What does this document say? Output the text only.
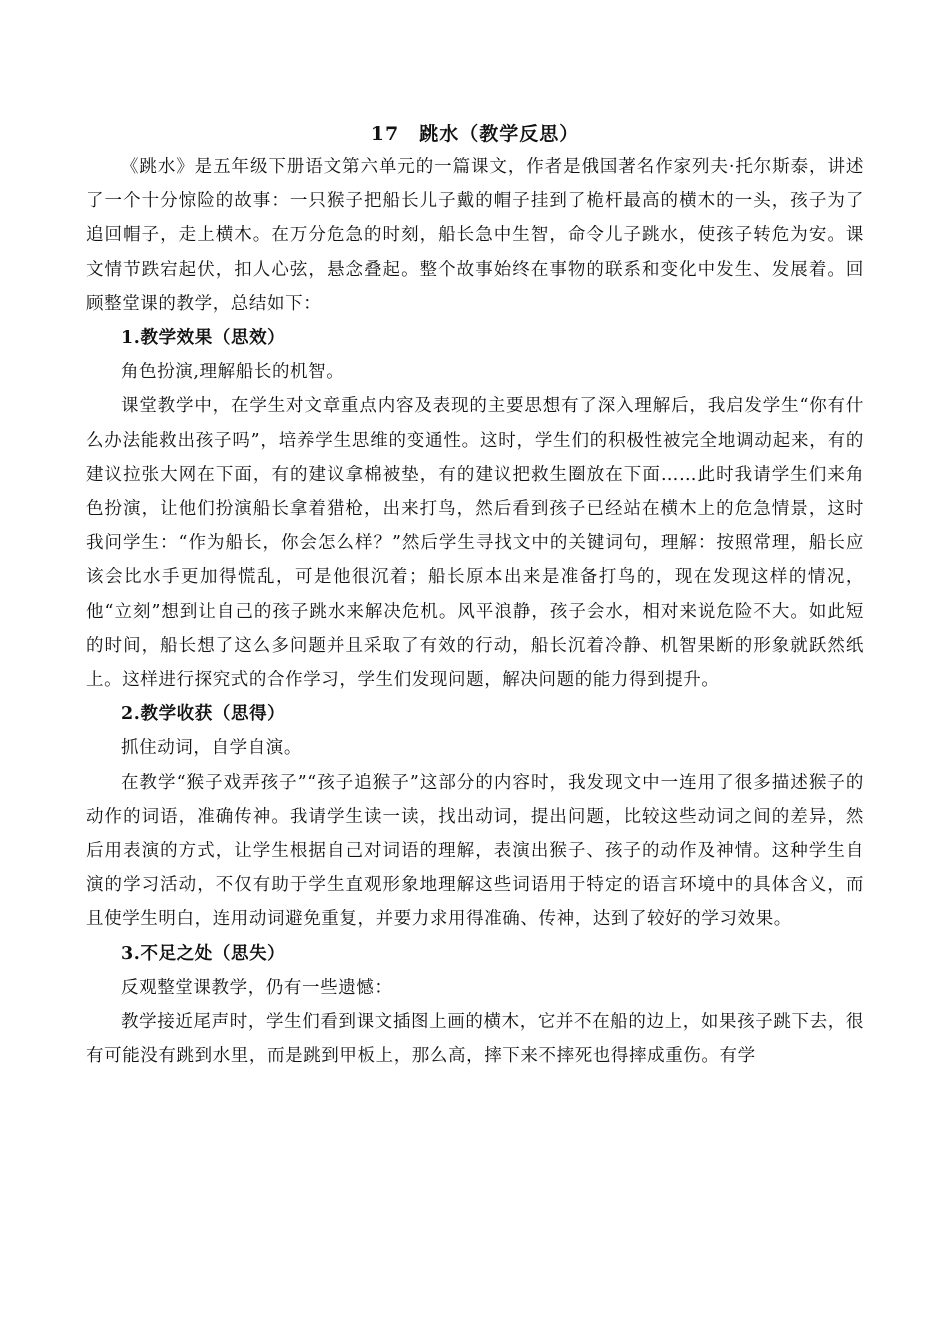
17　跳水（教学反思）

《跳水》是五年级下册语文第六单元的一篇课文，作者是俄国著名作家列夫·托尔斯泰，讲述了一个十分惊险的故事：一只猴子把船长儿子戴的帽子挂到了桅杆最高的横木的一头，孩子为了追回帽子，走上横木。在万分危急的时刻，船长急中生智，命令儿子跳水，使孩子转危为安。课文情节跌宕起伏，扣人心弦，悬念叠起。整个故事始终在事物的联系和变化中发生、发展着。回顾整堂课的教学，总结如下：

1.教学效果（思效）

角色扮演,理解船长的机智。

课堂教学中，在学生对文章重点内容及表现的主要思想有了深入理解后，我启发学生“你有什么办法能救出孩子吗”，培养学生思维的变通性。这时，学生们的积极性被完全地调动起来，有的建议拉张大网在下面，有的建议拿棉被垫，有的建议把救生圈放在下面……此时我请学生们来角色扮演，让他们扮演船长拿着猎枪，出来打鸟，然后看到孩子已经站在横木上的危急情景，这时我问学生：“作为船长，你会怎么样？”然后学生寻找文中的关键词句，理解：按照常理，船长应该会比水手更加得慌乱，可是他很沉着；船长原本出来是准备打鸟的，现在发现这样的情况，他“立刻”想到让自己的孩子跳水来解决危机。风平浪静，孩子会水，相对来说危险不大。如此短的时间，船长想了这么多问题并且采取了有效的行动，船长沉着冷静、机智果断的形象就跃然纸上。这样进行探究式的合作学习，学生们发现问题，解决问题的能力得到提升。

2.教学收获（思得）

抓住动词，自学自演。

在教学“猴子戏弄孩子”“孩子追猴子”这部分的内容时，我发现文中一连用了很多描述猴子的动作的词语，准确传神。我请学生读一读，找出动词，提出问题，比较这些动词之间的差异，然后用表演的方式，让学生根据自己对词语的理解，表演出猴子、孩子的动作及神情。这种学生自演的学习活动，不仅有助于学生直观形象地理解这些词语用于特定的语言环境中的具体含义，而且使学生明白，连用动词避免重复，并要力求用得准确、传神，达到了较好的学习效果。

3.不足之处（思失）

反观整堂课教学，仍有一些遗憾：

教学接近尾声时，学生们看到课文插图上画的横木，它并不在船的边上，如果孩子跳下去，很有可能没有跳到水里，而是跳到甲板上，那么高，摔下来不摔死也得摔成重伤。有学
